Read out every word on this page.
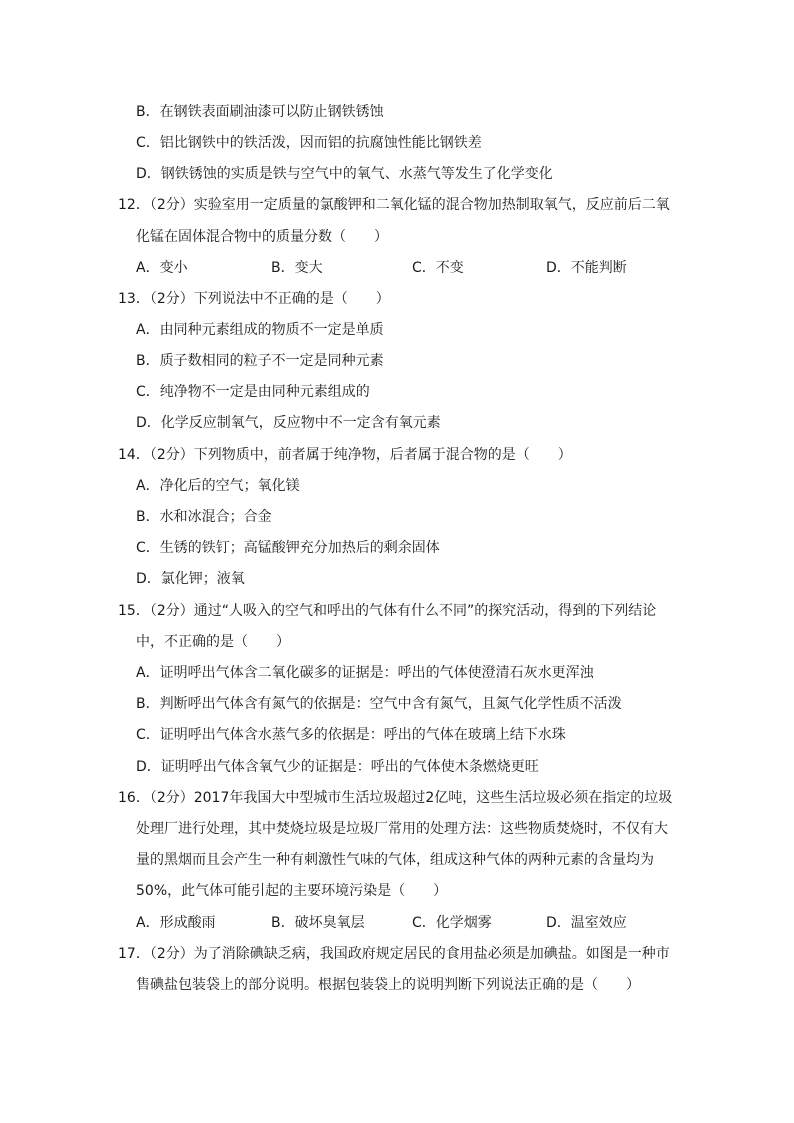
B．在钢铁表面刷油漆可以防止钢铁锈蚀
C．铝比钢铁中的铁活泼，因而铝的抗腐蚀性能比钢铁差
D．钢铁锈蚀的实质是铁与空气中的氧气、水蒸气等发生了化学变化
12．（2分）实验室用一定质量的氯酸钾和二氧化锰的混合物加热制取氧气，反应前后二氧
化锰在固体混合物中的质量分数（　　）
A．变小	B．变大	C．不变	D．不能判断
13．（2分）下列说法中不正确的是（　　）
A．由同种元素组成的物质不一定是单质
B．质子数相同的粒子不一定是同种元素
C．纯净物不一定是由同种元素组成的
D．化学反应制氧气，反应物中不一定含有氧元素
14．（2分）下列物质中，前者属于纯净物，后者属于混合物的是（　　）
A．净化后的空气；氧化镁
B．水和冰混合；合金
C．生锈的铁钉；高锰酸钾充分加热后的剩余固体
D．氯化钾；液氧
15．（2分）通过“人吸入的空气和呼出的气体有什么不同”的探究活动，得到的下列结论
中，不正确的是（　　）
A．证明呼出气体含二氧化碳多的证据是：呼出的气体使澄清石灰水更浑浊
B．判断呼出气体含有氮气的依据是：空气中含有氮气，且氮气化学性质不活泼
C．证明呼出气体含水蒸气多的依据是：呼出的气体在玻璃上结下水珠
D．证明呼出气体含氧气少的证据是：呼出的气体使木条燃烧更旺
16．（2分）2017年我国大中型城市生活垃圾超过2亿吨，这些生活垃圾必须在指定的垃圾
处理厂进行处理，其中焚烧垃圾是垃圾厂常用的处理方法：这些物质焚烧时，不仅有大
量的黑烟而且会产生一种有刺激性气味的气体，组成这种气体的两种元素的含量均为
50%，此气体可能引起的主要环境污染是（　　）
A．形成酸雨	B．破坏臭氧层	C．化学烟雾	D．温室效应
17．（2分）为了消除碘缺乏病，我国政府规定居民的食用盐必须是加碘盐。如图是一种市
售碘盐包装袋上的部分说明。根据包装袋上的说明判断下列说法正确的是（　　）
